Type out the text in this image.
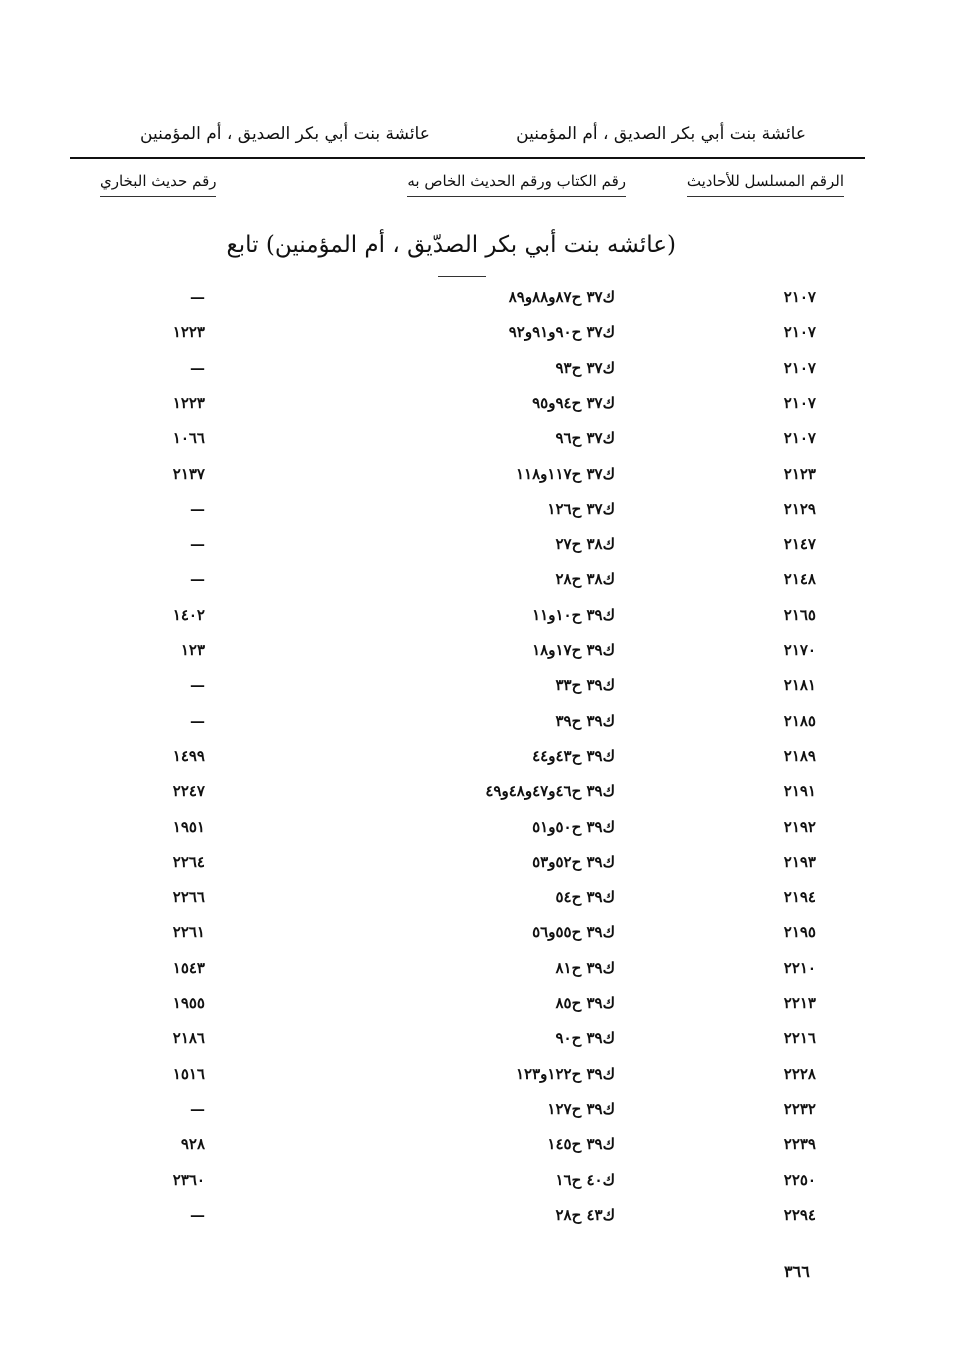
عائشة بنت أبي بكر الصديق ، أم المؤمنين
عائشة بنت أبي بكر الصديق ، أم المؤمنين
الرقم المسلسل للأحاديث
رقم الكتاب ورقم الحديث الخاص به
رقم حديث البخاري
(عائشه بنت أبي بكر الصدّيق ، أم المؤمنين) تابع
٢١٠٧
ك٣٧ ح٨٧و٨٨و٨٩
—
٢١٠٧
ك٣٧ ح٩٠و٩١و٩٢
١٢٢٣
٢١٠٧
ك٣٧ ح٩٣
—
٢١٠٧
ك٣٧ ح٩٤و٩٥
١٢٢٣
٢١٠٧
ك٣٧ ح٩٦
١٠٦٦
٢١٢٣
ك٣٧ ح١١٧و١١٨
٢١٣٧
٢١٢٩
ك٣٧ ح١٢٦
—
٢١٤٧
ك٣٨ ح٢٧
—
٢١٤٨
ك٣٨ ح٢٨
—
٢١٦٥
ك٣٩ ح١٠و١١
١٤٠٢
٢١٧٠
ك٣٩ ح١٧و١٨
١٢٣
٢١٨١
ك٣٩ ح٣٣
—
٢١٨٥
ك٣٩ ح٣٩
—
٢١٨٩
ك٣٩ ح٤٣و٤٤
١٤٩٩
٢١٩١
ك٣٩ ح٤٦و٤٧و٤٨و٤٩
٢٢٤٧
٢١٩٢
ك٣٩ ح٥٠و٥١
١٩٥١
٢١٩٣
ك٣٩ ح٥٢و٥٣
٢٢٦٤
٢١٩٤
ك٣٩ ح٥٤
٢٢٦٦
٢١٩٥
ك٣٩ ح٥٥و٥٦
٢٢٦١
٢٢١٠
ك٣٩ ح٨١
١٥٤٣
٢٢١٣
ك٣٩ ح٨٥
١٩٥٥
٢٢١٦
ك٣٩ ح٩٠
٢١٨٦
٢٢٢٨
ك٣٩ ح١٢٢و١٢٣
١٥١٦
٢٢٣٢
ك٣٩ ح١٢٧
—
٢٢٣٩
ك٣٩ ح١٤٥
٩٢٨
٢٢٥٠
ك٤٠ ح١٦
٢٣٦٠
٢٢٩٤
ك٤٣ ح٢٨
—
٣٦٦
